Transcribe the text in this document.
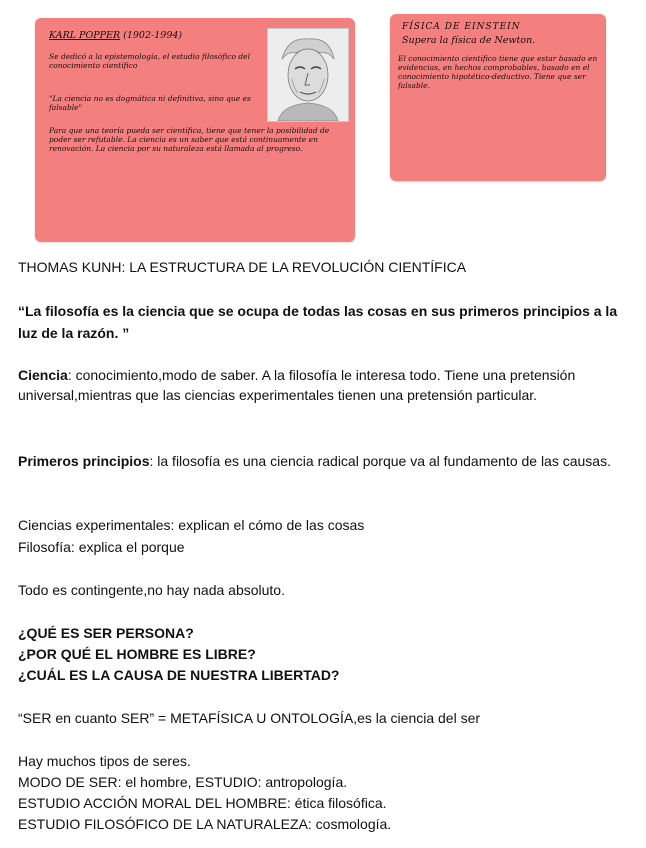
KARL POPPER (1902-1994)
Se dedicó a la epistemología, el estudio filosófico del conocimiento científico
"La ciencia no es dogmática ni definitiva, sino que es falsable"
Para que una teoría pueda ser científica, tiene que tener la posibilidad de poder ser refutable. La ciencia es un saber que está continuamente en renovación. La ciencia por su naturaleza está llamada al progreso.
FÍSICA DE EINSTEIN
Supera la física de Newton.
El conocimiento científico tiene que estar basado en evidencias, en hechos comprobables, basado en el conocimiento hipotético-deductivo. Tiene que ser falsable.
THOMAS KUNH: LA ESTRUCTURA DE LA REVOLUCIÓN CIENTÍFICA
“La filosofía es la ciencia que se ocupa de todas las cosas en sus primeros principios a la luz de la razón. ”
Ciencia: conocimiento,modo de saber. A la filosofía le interesa todo. Tiene una pretensión universal,mientras que las ciencias experimentales tienen una pretensión particular.
Primeros principios: la filosofía es una ciencia radical porque va al fundamento de las causas.
Ciencias experimentales: explican el cómo de las cosas
Filosofía: explica el porque
Todo es contingente,no hay nada absoluto.
¿QUÉ ES SER PERSONA?
¿POR QUÉ EL HOMBRE ES LIBRE?
¿CUÁL ES LA CAUSA DE NUESTRA LIBERTAD?
“SER en cuanto SER” = METAFÍSICA U ONTOLOGÍA,es la ciencia del ser
Hay muchos tipos de seres.
MODO DE SER: el hombre, ESTUDIO: antropología.
ESTUDIO ACCIÓN MORAL DEL HOMBRE: ética filosófica.
ESTUDIO FILOSÓFICO DE LA NATURALEZA: cosmología.
